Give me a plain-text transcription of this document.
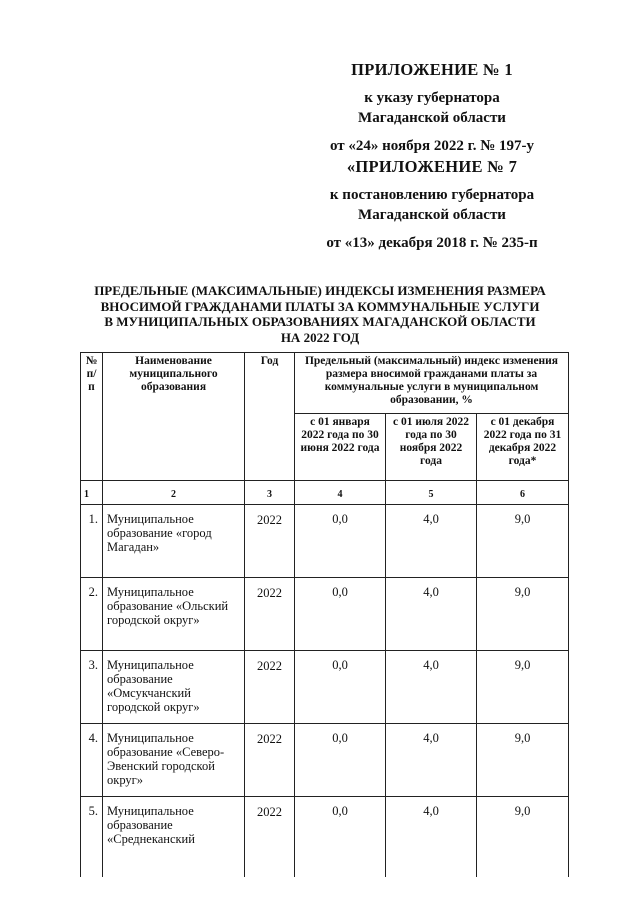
ПРИЛОЖЕНИЕ № 1
к указу губернатора
Магаданской области
от «24» ноября 2022 г. № 197-у
«ПРИЛОЖЕНИЕ № 7
к постановлению губернатора
Магаданской области
от «13» декабря 2018 г. № 235-п
ПРЕДЕЛЬНЫЕ (МАКСИМАЛЬНЫЕ) ИНДЕКСЫ ИЗМЕНЕНИЯ РАЗМЕРА
ВНОСИМОЙ ГРАЖДАНАМИ ПЛАТЫ ЗА КОММУНАЛЬНЫЕ УСЛУГИ
В МУНИЦИПАЛЬНЫХ ОБРАЗОВАНИЯХ МАГАДАНСКОЙ ОБЛАСТИ
НА 2022 ГОД
№ п/п	Наименование муниципального образования	Год	Предельный (максимальный) индекс изменения размера вносимой гражданами платы за коммунальные услуги в муниципальном образовании, %		
			с 01 января 2022 года по 30 июня 2022 года	с 01 июля 2022 года по 30 ноября 2022 года	с 01 декабря 2022 года по 31 декабря 2022 года*
1	2	3	4	5	6
1.	Муниципальное образование «город Магадан»	2022	0,0	4,0	9,0
2.	Муниципальное образование «Ольский городской округ»	2022	0,0	4,0	9,0
3.	Муниципальное образование «Омсукчанский городской округ»	2022	0,0	4,0	9,0
4.	Муниципальное образование «Северо-Эвенский городской округ»	2022	0,0	4,0	9,0
5.	Муниципальное образование «Среднеканский	2022	0,0	4,0	9,0
